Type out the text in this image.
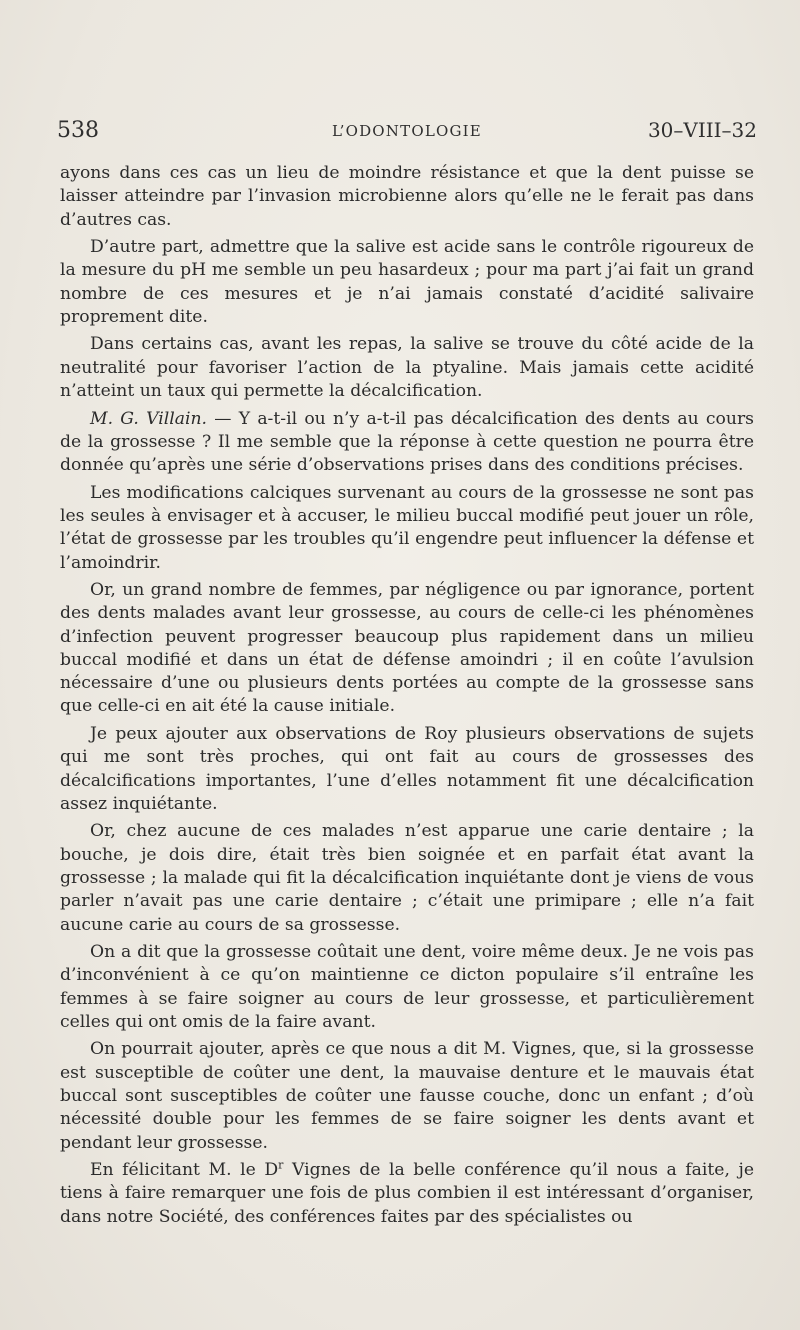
538	L’ODONTOLOGIE	30–VIII–32

ayons dans ces cas un lieu de moindre résistance et que la dent puisse se laisser atteindre par l’invasion microbienne alors qu’elle ne le ferait pas dans d’autres cas.

D’autre part, admettre que la salive est acide sans le contrôle rigoureux de la mesure du pH me semble un peu hasardeux ; pour ma part j’ai fait un grand nombre de ces mesures et je n’ai jamais constaté d’acidité salivaire proprement dite.

Dans certains cas, avant les repas, la salive se trouve du côté acide de la neutralité pour favoriser l’action de la ptyaline. Mais jamais cette acidité n’atteint un taux qui permette la décalcification.

M. G. Villain. — Y a-t-il ou n’y a-t-il pas décalcification des dents au cours de la grossesse ? Il me semble que la réponse à cette question ne pourra être donnée qu’après une série d’observations prises dans des conditions précises.

Les modifications calciques survenant au cours de la grossesse ne sont pas les seules à envisager et à accuser, le milieu buccal modifié peut jouer un rôle, l’état de grossesse par les troubles qu’il engendre peut influencer la défense et l’amoindrir.

Or, un grand nombre de femmes, par négligence ou par ignorance, portent des dents malades avant leur grossesse, au cours de celle-ci les phénomènes d’infection peuvent progresser beaucoup plus rapidement dans un milieu buccal modifié et dans un état de défense amoindri ; il en coûte l’avulsion nécessaire d’une ou plusieurs dents portées au compte de la grossesse sans que celle-ci en ait été la cause initiale.

Je peux ajouter aux observations de Roy plusieurs observations de sujets qui me sont très proches, qui ont fait au cours de grossesses des décalcifications importantes, l’une d’elles notamment fit une décalcification assez inquiétante.

Or, chez aucune de ces malades n’est apparue une carie dentaire ; la bouche, je dois dire, était très bien soignée et en parfait état avant la grossesse ; la malade qui fit la décalcification inquiétante dont je viens de vous parler n’avait pas une carie dentaire ; c’était une primipare ; elle n’a fait aucune carie au cours de sa grossesse.

On a dit que la grossesse coûtait une dent, voire même deux. Je ne vois pas d’inconvénient à ce qu’on maintienne ce dicton populaire s’il entraîne les femmes à se faire soigner au cours de leur grossesse, et particulièrement celles qui ont omis de la faire avant.

On pourrait ajouter, après ce que nous a dit M. Vignes, que, si la grossesse est susceptible de coûter une dent, la mauvaise denture et le mauvais état buccal sont susceptibles de coûter une fausse couche, donc un enfant ; d’où nécessité double pour les femmes de se faire soigner les dents avant et pendant leur grossesse.

En félicitant M. le $D^r$ Vignes de la belle conférence qu’il nous a faite, je tiens à faire remarquer une fois de plus combien il est intéressant d’organiser, dans notre Société, des conférences faites par des spécialistes ou
